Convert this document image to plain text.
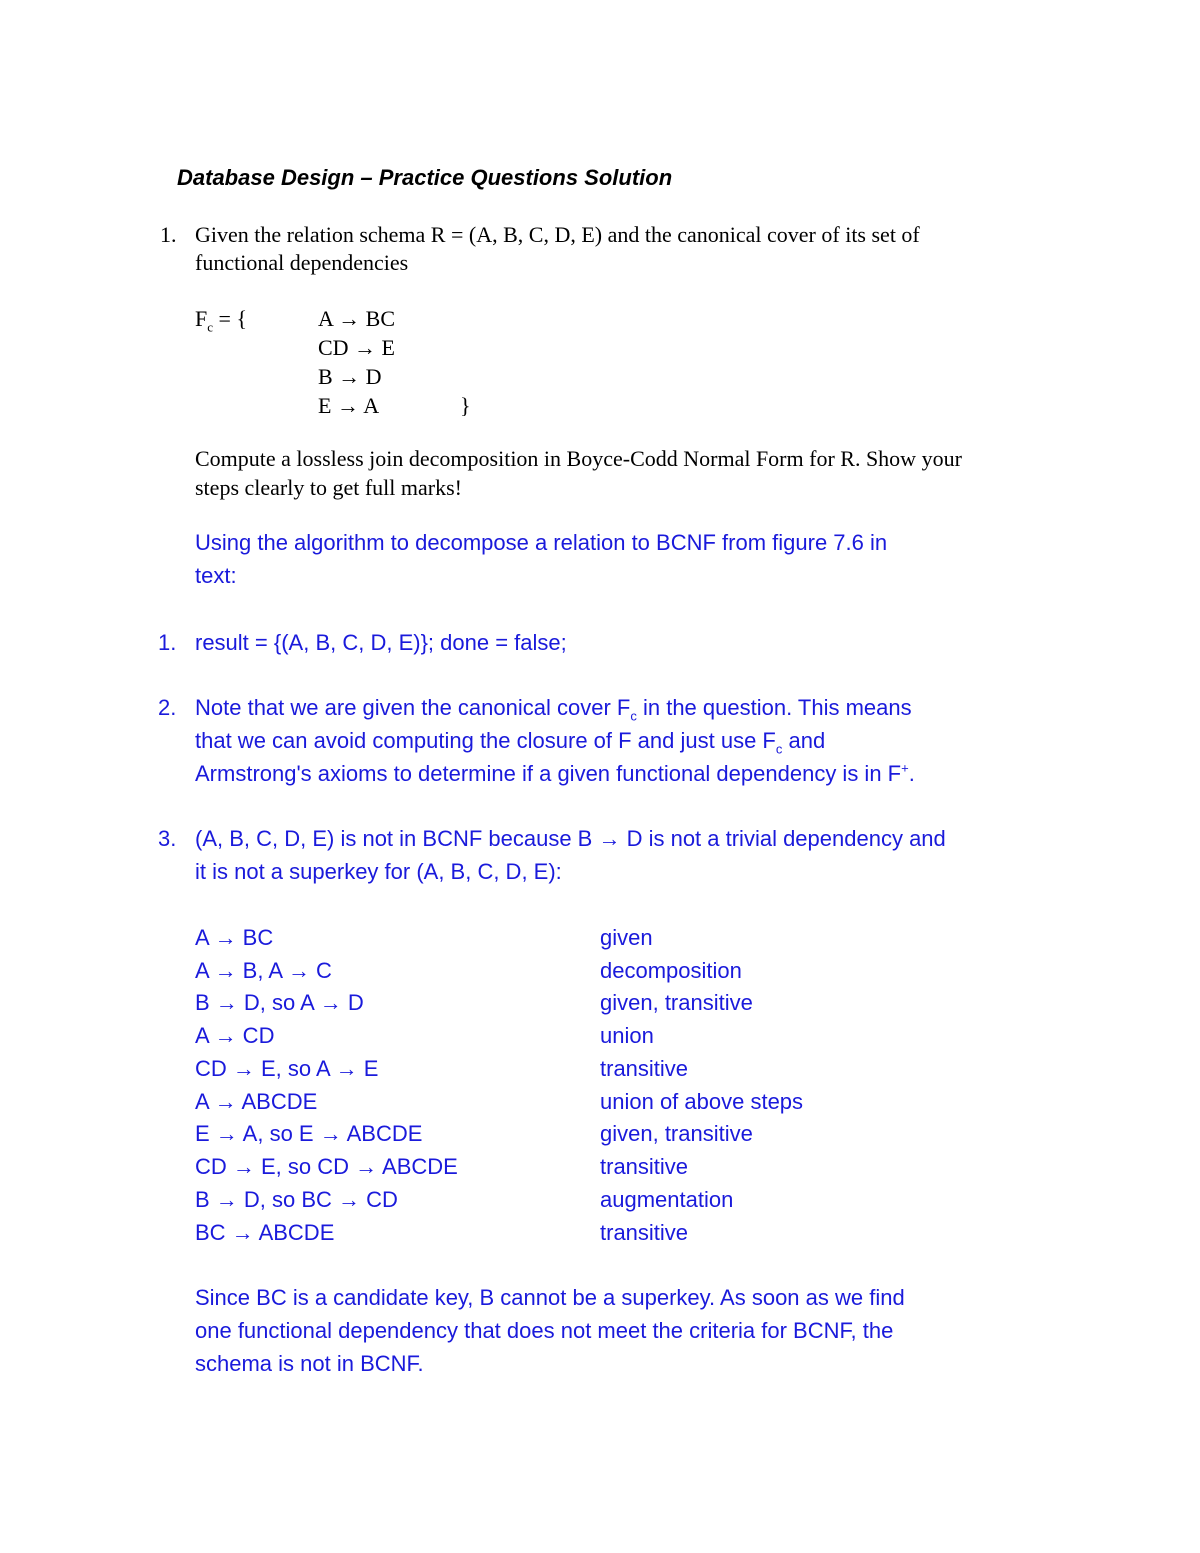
Database Design – Practice Questions Solution
1. Given the relation schema R = (A, B, C, D, E) and the canonical cover of its set of
functional dependencies
$F_c$ = {	A → BC
CD → E
B → D
E → A	}
Compute a lossless join decomposition in Boyce-Codd Normal Form for R. Show your
steps clearly to get full marks!
Using the algorithm to decompose a relation to BCNF from figure 7.6 in
text:
1. result = {(A, B, C, D, E)}; done = false;
2. Note that we are given the canonical cover $F_c$ in the question. This means
that we can avoid computing the closure of F and just use $F_c$ and
Armstrong's axioms to determine if a given functional dependency is in F+.
3. (A, B, C, D, E) is not in BCNF because B → D is not a trivial dependency and
it is not a superkey for (A, B, C, D, E):
A → BC	given
A → B, A → C	decomposition
B → D, so A → D	given, transitive
A → CD	union
CD → E, so A → E	transitive
A → ABCDE	union of above steps
E → A, so E → ABCDE	given, transitive
CD → E, so CD → ABCDE	transitive
B → D, so BC → CD	augmentation
BC → ABCDE	transitive
Since BC is a candidate key, B cannot be a superkey. As soon as we find
one functional dependency that does not meet the criteria for BCNF, the
schema is not in BCNF.
